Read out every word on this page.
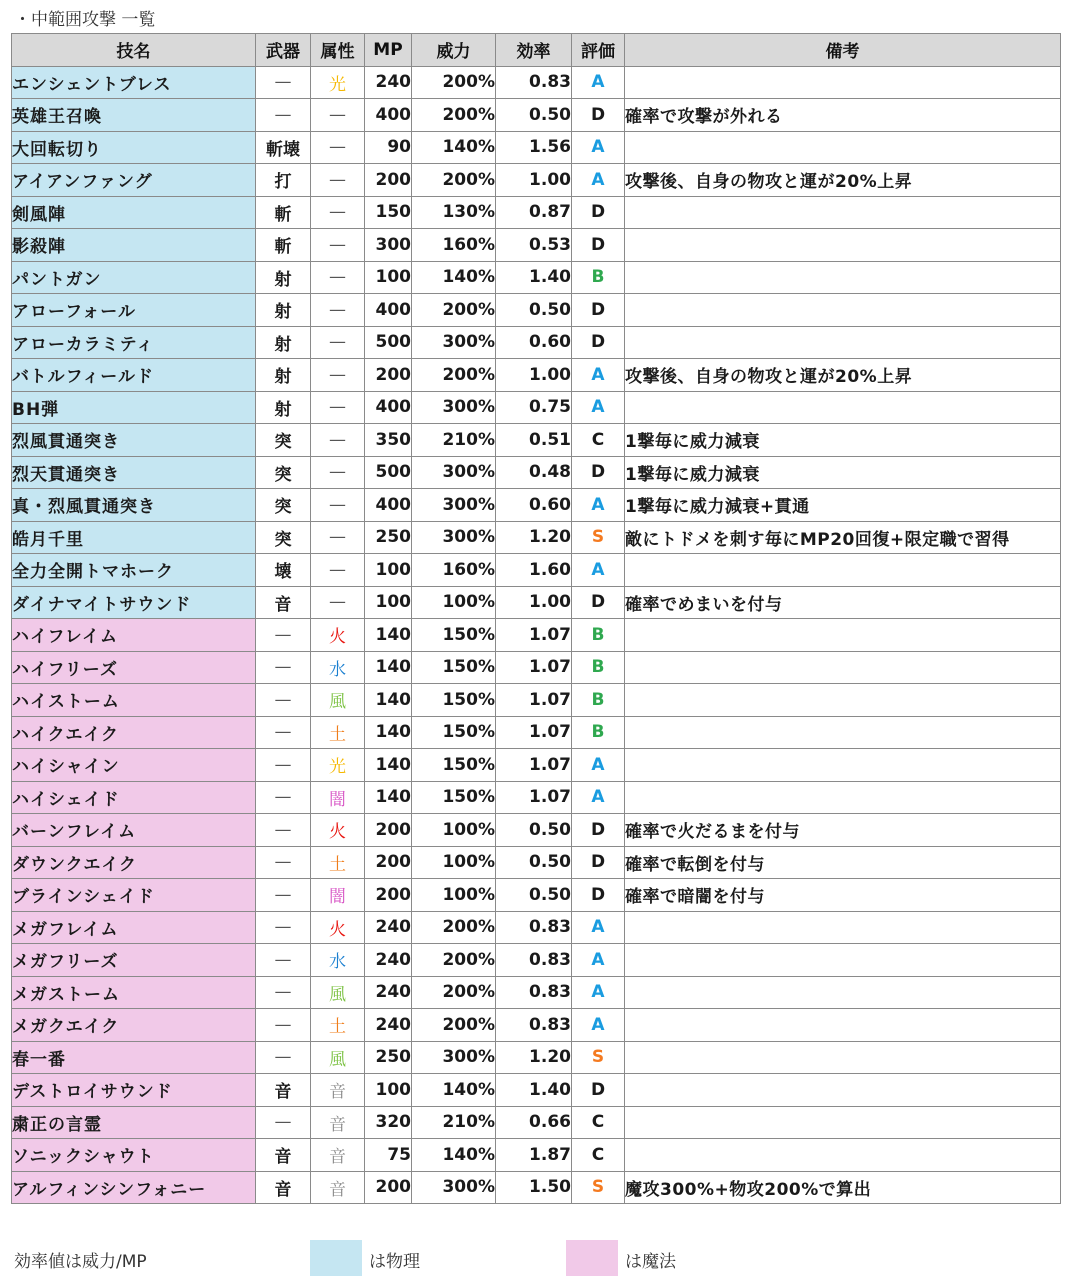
・中範囲攻撃 一覧
技名	武器	属性	MP	威力	効率	評価	備考
エンシェントブレス	—	光	240	200%	0.83	A	
英雄王召喚	—	—	400	200%	0.50	D	確率で攻撃が外れる
大回転切り	斬壊	—	90	140%	1.56	A	
アイアンファング	打	—	200	200%	1.00	A	攻撃後、自身の物攻と運が20%上昇
剣風陣	斬	—	150	130%	0.87	D	
影殺陣	斬	—	300	160%	0.53	D	
パントガン	射	—	100	140%	1.40	B	
アローフォール	射	—	400	200%	0.50	D	
アローカラミティ	射	—	500	300%	0.60	D	
バトルフィールド	射	—	200	200%	1.00	A	攻撃後、自身の物攻と運が20%上昇
BH弾	射	—	400	300%	0.75	A	
烈風貫通突き	突	—	350	210%	0.51	C	1撃毎に威力減衰
烈天貫通突き	突	—	500	300%	0.48	D	1撃毎に威力減衰
真・烈風貫通突き	突	—	400	300%	0.60	A	1撃毎に威力減衰+貫通
皓月千里	突	—	250	300%	1.20	S	敵にトドメを刺す毎にMP20回復+限定職で習得
全力全開トマホーク	壊	—	100	160%	1.60	A	
ダイナマイトサウンド	音	—	100	100%	1.00	D	確率でめまいを付与
ハイフレイム	—	火	140	150%	1.07	B	
ハイフリーズ	—	水	140	150%	1.07	B	
ハイストーム	—	風	140	150%	1.07	B	
ハイクエイク	—	土	140	150%	1.07	B	
ハイシャイン	—	光	140	150%	1.07	A	
ハイシェイド	—	闇	140	150%	1.07	A	
バーンフレイム	—	火	200	100%	0.50	D	確率で火だるまを付与
ダウンクエイク	—	土	200	100%	0.50	D	確率で転倒を付与
ブラインシェイド	—	闇	200	100%	0.50	D	確率で暗闇を付与
メガフレイム	—	火	240	200%	0.83	A	
メガフリーズ	—	水	240	200%	0.83	A	
メガストーム	—	風	240	200%	0.83	A	
メガクエイク	—	土	240	200%	0.83	A	
春一番	—	風	250	300%	1.20	S	
デストロイサウンド	音	音	100	140%	1.40	D	
粛正の言霊	—	音	320	210%	0.66	C	
ソニックシャウト	音	音	75	140%	1.87	C	
アルフィンシンフォニー	音	音	200	300%	1.50	S	魔攻300%+物攻200%で算出
効率値は威力/MP	は物理	は魔法
